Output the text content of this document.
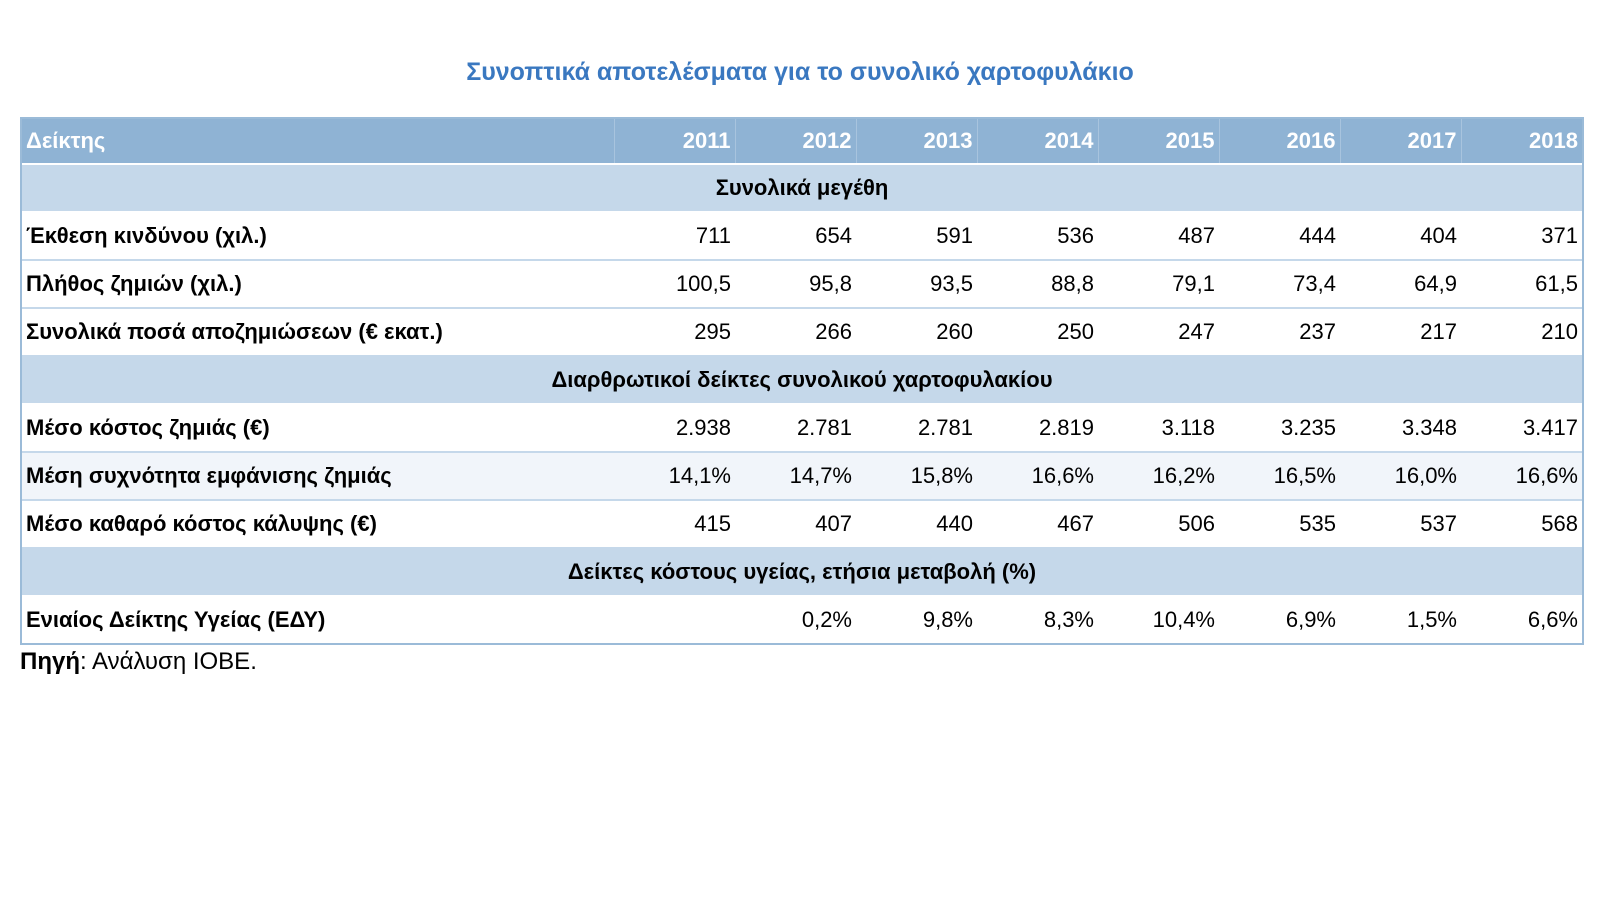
Συνοπτικά αποτελέσματα για το συνολικό χαρτοφυλάκιο
Δείκτης	2011	2012	2013	2014	2015	2016	2017	2018
Συνολικά μεγέθη								
Έκθεση κινδύνου (χιλ.)	711	654	591	536	487	444	404	371
Πλήθος ζημιών (χιλ.)	100,5	95,8	93,5	88,8	79,1	73,4	64,9	61,5
Συνολικά ποσά αποζημιώσεων (€ εκατ.)	295	266	260	250	247	237	217	210
Διαρθρωτικοί δείκτες συνολικού χαρτοφυλακίου								
Μέσο κόστος ζημιάς (€)	2.938	2.781	2.781	2.819	3.118	3.235	3.348	3.417
Μέση συχνότητα εμφάνισης ζημιάς	14,1%	14,7%	15,8%	16,6%	16,2%	16,5%	16,0%	16,6%
Μέσο καθαρό κόστος κάλυψης (€)	415	407	440	467	506	535	537	568
Δείκτες κόστους υγείας, ετήσια μεταβολή (%)								
Ενιαίος Δείκτης Υγείας (ΕΔΥ)		0,2%	9,8%	8,3%	10,4%	6,9%	1,5%	6,6%
Πηγή: Ανάλυση ΙΟΒΕ.
